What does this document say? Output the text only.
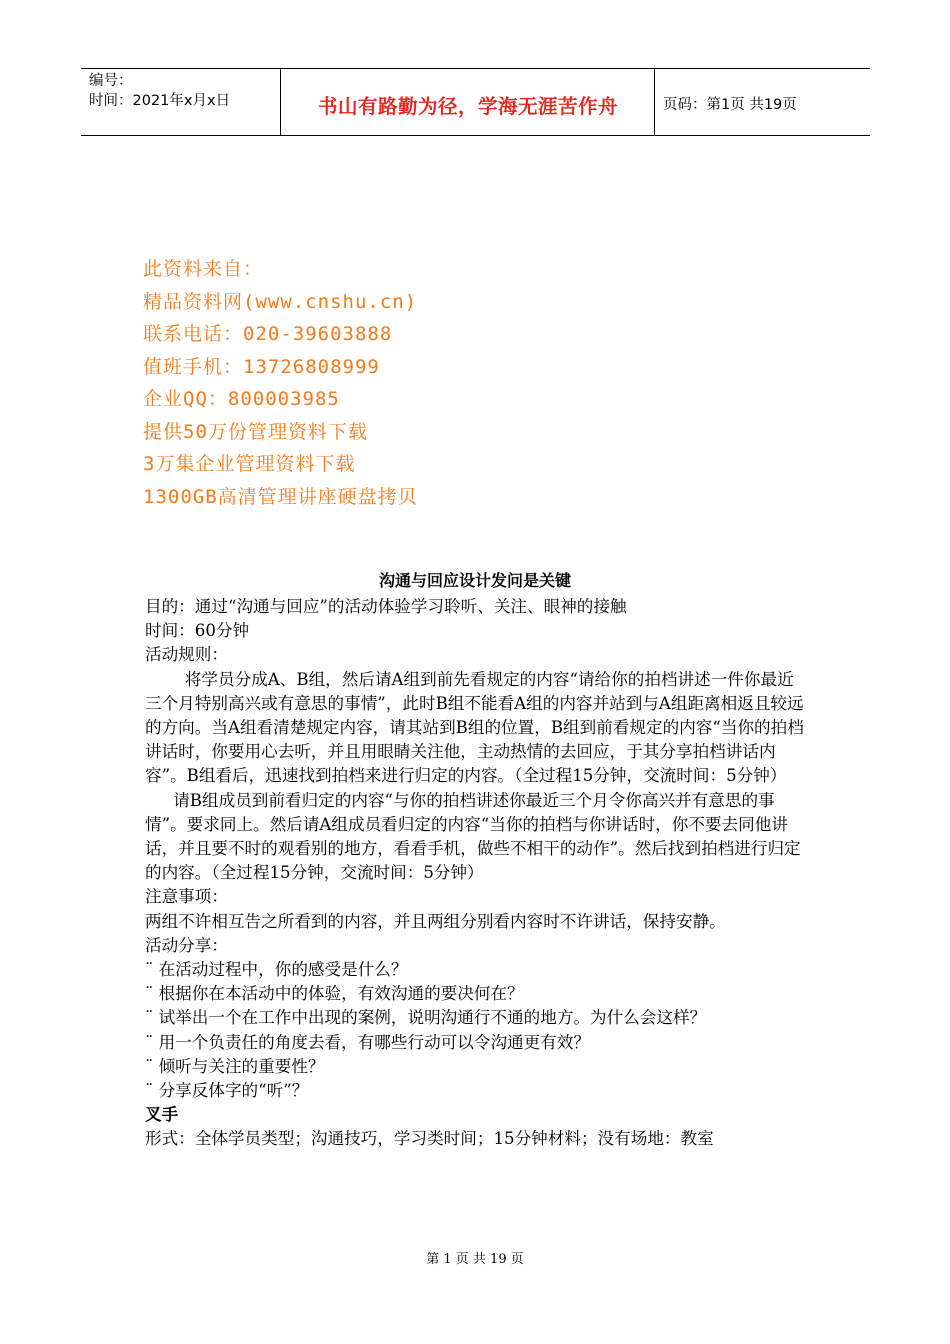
编号：
时间：2021年x月x日	书山有路勤为径，学海无涯苦作舟	页码：第1页 共19页
此资料来自：
精品资料网(www.cnshu.cn)
联系电话：020-39603888
值班手机：13726808999
企业QQ：800003985
提供50万份管理资料下载
3万集企业管理资料下载
1300GB高清管理讲座硬盘拷贝
沟通与回应设计发问是关键

目的：通过“沟通与回应”的活动体验学习聆听、关注、眼神的接触

时间：60分钟

活动规则：

将学员分成A、B组，然后请A组到前先看规定的内容“请给你的拍档讲述一件你最近三个月特别高兴或有意思的事情”，此时B组不能看A组的内容并站到与A组距离相返且较远的方向。当A组看清楚规定内容，请其站到B组的位置，B组到前看规定的内容“当你的拍档讲话时，你要用心去听，并且用眼睛关注他，主动热情的去回应，于其分享拍档讲话内容”。B组看后，迅速找到拍档来进行归定的内容。（全过程15分钟，交流时间：5分钟）

请B组成员到前看归定的内容“与你的拍档讲述你最近三个月令你高兴并有意思的事情”。要求同上。然后请A组成员看归定的内容“当你的拍档与你讲话时，你不要去同他讲话，并且要不时的观看别的地方，看看手机，做些不相干的动作”。然后找到拍档进行归定的内容。（全过程15分钟，交流时间：5分钟）

注意事项：

两组不许相互告之所看到的内容，并且两组分别看内容时不许讲话，保持安静。

活动分享：

¨ 在活动过程中，你的感受是什么？

¨ 根据你在本活动中的体验，有效沟通的要决何在？

¨ 试举出一个在工作中出现的案例，说明沟通行不通的地方。为什么会这样？

¨ 用一个负责任的角度去看，有哪些行动可以令沟通更有效？

¨ 倾听与关注的重要性？

¨ 分享反体字的“听”？

叉手

形式：全体学员类型；沟通技巧，学习类时间；15分钟材料；没有场地：教室

第 1 页 共 19 页
